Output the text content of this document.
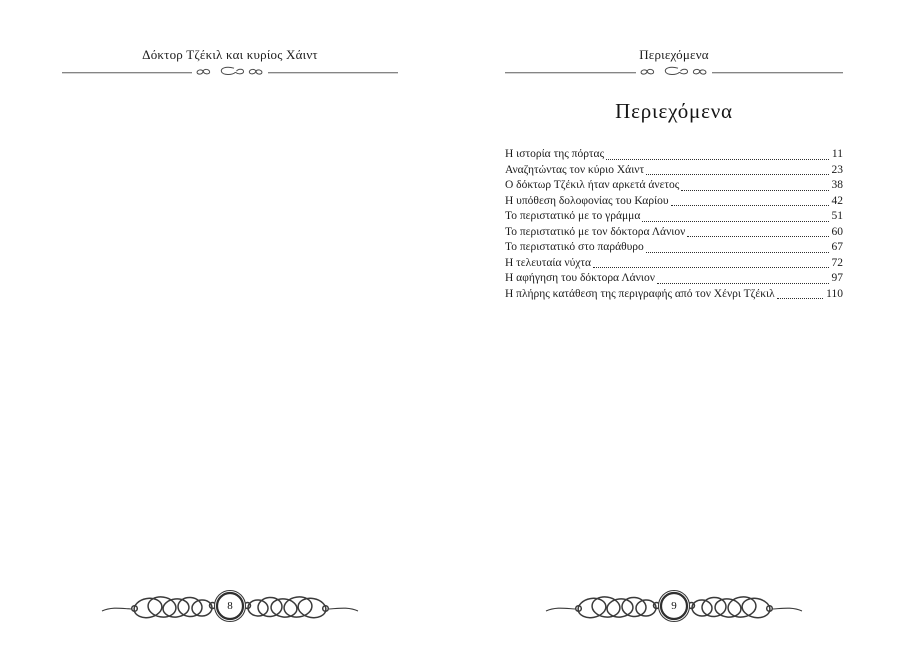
Δόκτορ Τζέκιλ και κυρίος Χάιντ
8
Περιεχόμενα
Περιεχόμενα
Η ιστορία της πόρτας	11
Αναζητώντας τον κύριο Χάιντ	23
Ο δόκτωρ Τζέκιλ ήταν αρκετά άνετος	38
Η υπόθεση δολοφονίας του Καρίου	42
Το περιστατικό με το γράμμα	51
Το περιστατικό με τον δόκτορα Λάνιον	60
Το περιστατικό στο παράθυρο	67
Η τελευταία νύχτα	72
Η αφήγηση του δόκτορα Λάνιον	97
Η πλήρης κατάθεση της περιγραφής από τον Χένρι Τζέκιλ	110
9
